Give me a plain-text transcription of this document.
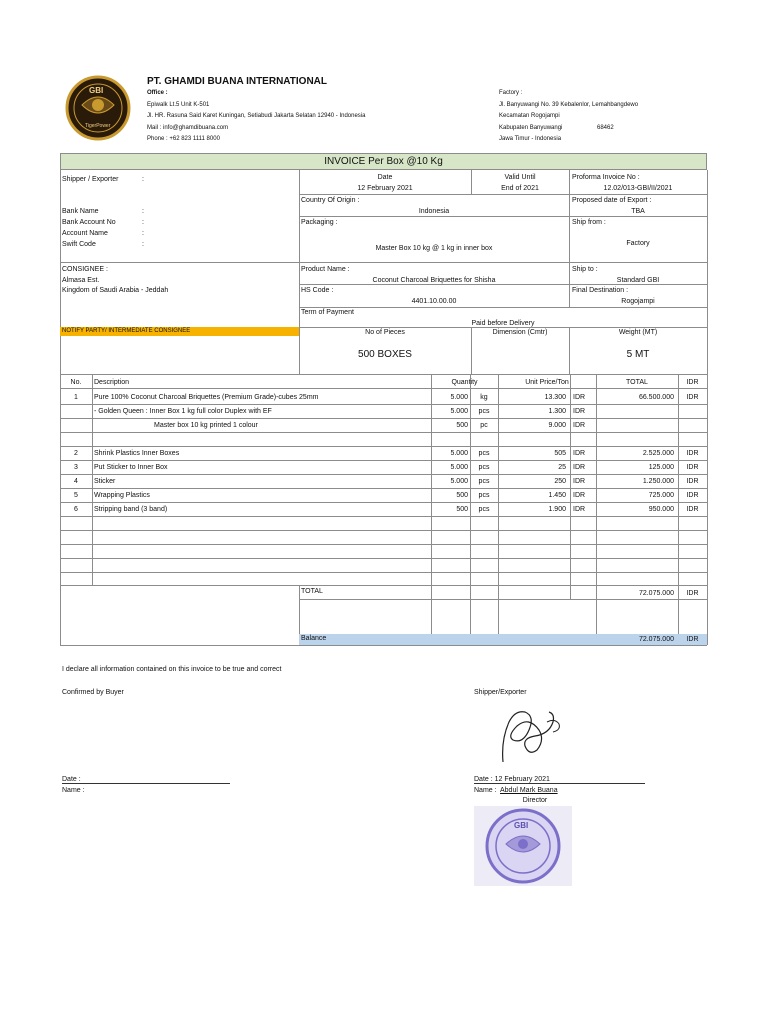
GBI
TigerPower
PT. GHAMDI BUANA INTERNATIONAL
Office :
Epiwalk Lt.5 Unit K-501
Jl. HR. Rasuna Said Karet Kuningan, Setiabudi Jakarta Selatan 12940 - Indonesia
Mail : info@ghamdibuana.com
Phone : +62 823 1111 8000
Factory :
Jl. Banyuwangi No. 39 Kebalenlor, Lemahbangdewo
Kecamatan Rogojampi
Kabupaten Banyuwangi	68462
Jawa Timur - Indonesia
INVOICE Per Box @10 Kg
Shipper / Exporter	:
Bank Name	:
Bank Account No	:
Account Name	:
Swift Code	:
Date
12 February 2021
Valid Until
End of 2021
Proforma Invoice No :
12.02/013-GBI/II/2021
Country Of Origin :
Indonesia
Proposed date of Export :
TBA
Packaging :
Master Box 10 kg @ 1 kg in inner box
Ship from :
Factory
CONSIGNEE :
Almasa Est.
Kingdom of Saudi Arabia - Jeddah
Product Name :
Coconut Charcoal Briquettes for Shisha
Ship to :
Standard GBI
HS Code :
4401.10.00.00
Final Destination :
Rogojampi
Term of Payment
Paid before Delivery
NOTIFY PARTY/ INTERMEDIATE CONSIGNEE	No of Pieces
500 BOXES
Dimension (Cmtr)	Weight (MT)
5 MT
No.	Description	Quantity	Unit Price/Ton	TOTAL	IDR
1	Pure 100% Coconut Charcoal Briquettes (Premium Grade)-cubes 25mm	5.000	kg	13.300 IDR	66.500.000	IDR
- Golden Queen : Inner Box 1 kg full color Duplex with EF	5.000	pcs	1.300 IDR
Master box 10 kg printed 1 colour	500	pc	9.000 IDR
2	Shrink Plastics Inner Boxes	5.000	pcs	505 IDR	2.525.000	IDR
3	Put Sticker to Inner Box	5.000	pcs	25 IDR	125.000	IDR
4	Sticker	5.000	pcs	250 IDR	1.250.000	IDR
5	Wrapping Plastics	500	pcs	1.450 IDR	725.000	IDR
6	Stripping band (3 band)	500	pcs	1.900 IDR	950.000	IDR
TOTAL	72.075.000	IDR
Balance	72.075.000	IDR
I declare all information contained on this invoice to be true and correct
Confirmed by Buyer	Shipper/Exporter
Date :
Name :
Date : 12 February 2021
Name : Abdul Mark Buana
Director
GBI
